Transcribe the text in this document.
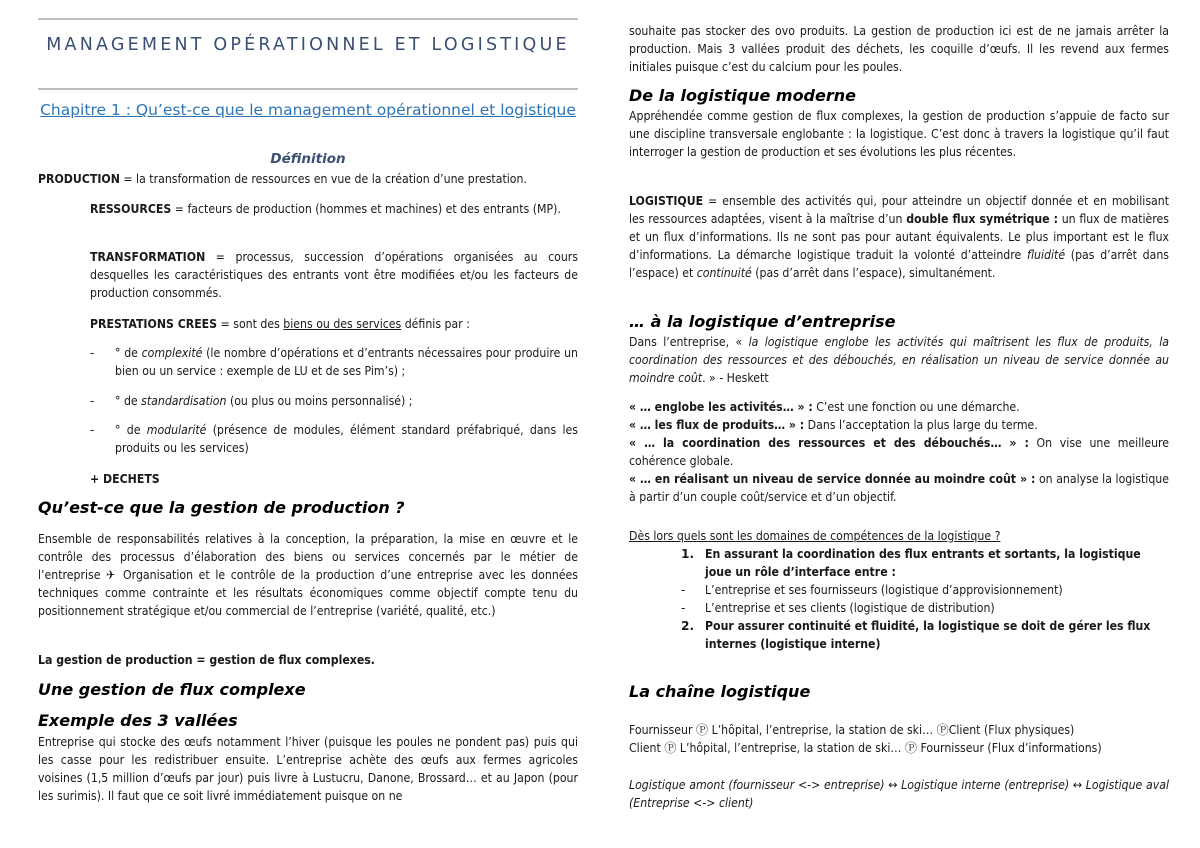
MANAGEMENT OPÉRATIONNEL ET LOGISTIQUE
Chapitre 1 : Qu’est-ce que le management opérationnel et logistique
Définition

PRODUCTION = la transformation de ressources en vue de la création d’une prestation.

RESSOURCES = facteurs de production (hommes et machines) et des entrants (MP).

TRANSFORMATION = processus, succession d’opérations organisées au cours desquelles les caractéristiques des entrants vont être modifiées et/ou les facteurs de production consommés.

PRESTATIONS CREES = sont des biens ou des services définis par :

- ° de complexité (le nombre d’opérations et d’entrants nécessaires pour produire un bien ou un service : exemple de LU et de ses Pim’s) ;

- ° de standardisation (ou plus ou moins personnalisé) ;

- ° de modularité (présence de modules, élément standard préfabriqué, dans les produits ou les services)

+ DECHETS

Qu’est-ce que la gestion de production ?

Ensemble de responsabilités relatives à la conception, la préparation, la mise en œuvre et le contrôle des processus d’élaboration des biens ou services concernés par le métier de l’entreprise ✈ Organisation et le contrôle de la production d’une entreprise avec les données techniques comme contrainte et les résultats économiques comme objectif compte tenu du positionnement stratégique et/ou commercial de l’entreprise (variété, qualité, etc.)

La gestion de production = gestion de flux complexes.

Une gestion de flux complexe
Exemple des 3 vallées

Entreprise qui stocke des œufs notamment l’hiver (puisque les poules ne pondent pas) puis qui les casse pour les redistribuer ensuite. L’entreprise achète des œufs aux fermes agricoles voisines (1,5 million d’œufs par jour) puis livre à Lustucru, Danone, Brossard… et au Japon (pour les surimis). Il faut que ce soit livré immédiatement puisque on ne

souhaite pas stocker des ovo produits. La gestion de production ici est de ne jamais arrêter la production. Mais 3 vallées produit des déchets, les coquille d’œufs. Il les revend aux fermes initiales puisque c’est du calcium pour les poules.

De la logistique moderne

Appréhendée comme gestion de flux complexes, la gestion de production s’appuie de facto sur une discipline transversale englobante : la logistique. C’est donc à travers la logistique qu’il faut interroger la gestion de production et ses évolutions les plus récentes.

LOGISTIQUE = ensemble des activités qui, pour atteindre un objectif donnée et en mobilisant les ressources adaptées, visent à la maîtrise d’un double flux symétrique : un flux de matières et un flux d’informations. Ils ne sont pas pour autant équivalents. Le plus important est le flux d’informations. La démarche logistique traduit la volonté d’atteindre fluidité (pas d’arrêt dans l’espace) et continuité (pas d’arrêt dans l’espace), simultanément.

… à la logistique d’entreprise

Dans l’entreprise, « la logistique englobe les activités qui maîtrisent les flux de produits, la coordination des ressources et des débouchés, en réalisation un niveau de service donnée au moindre coût. » - Heskett

« … englobe les activités… » : C’est une fonction ou une démarche.
« … les flux de produits… » : Dans l’acceptation la plus large du terme.
« … la coordination des ressources et des débouchés… » : On vise une meilleure cohérence globale.
« … en réalisant un niveau de service donnée au moindre coût » : on analyse la logistique à partir d’un couple coût/service et d’un objectif.

Dès lors quels sont les domaines de compétences de la logistique ?

1. En assurant la coordination des flux entrants et sortants, la logistique joue un rôle d’interface entre :

- L’entreprise et ses fournisseurs (logistique d’approvisionnement)

- L’entreprise et ses clients (logistique de distribution)

2. Pour assurer continuité et fluidité, la logistique se doit de gérer les flux internes (logistique interne)

La chaîne logistique

Fournisseur Ⓟ L’hôpital, l’entreprise, la station de ski… ⓅClient (Flux physiques)

Client Ⓟ L’hôpital, l’entreprise, la station de ski… Ⓟ Fournisseur (Flux d’informations)

Logistique amont (fournisseur <-> entreprise) ↔ Logistique interne (entreprise) ↔ Logistique aval (Entreprise <-> client)
